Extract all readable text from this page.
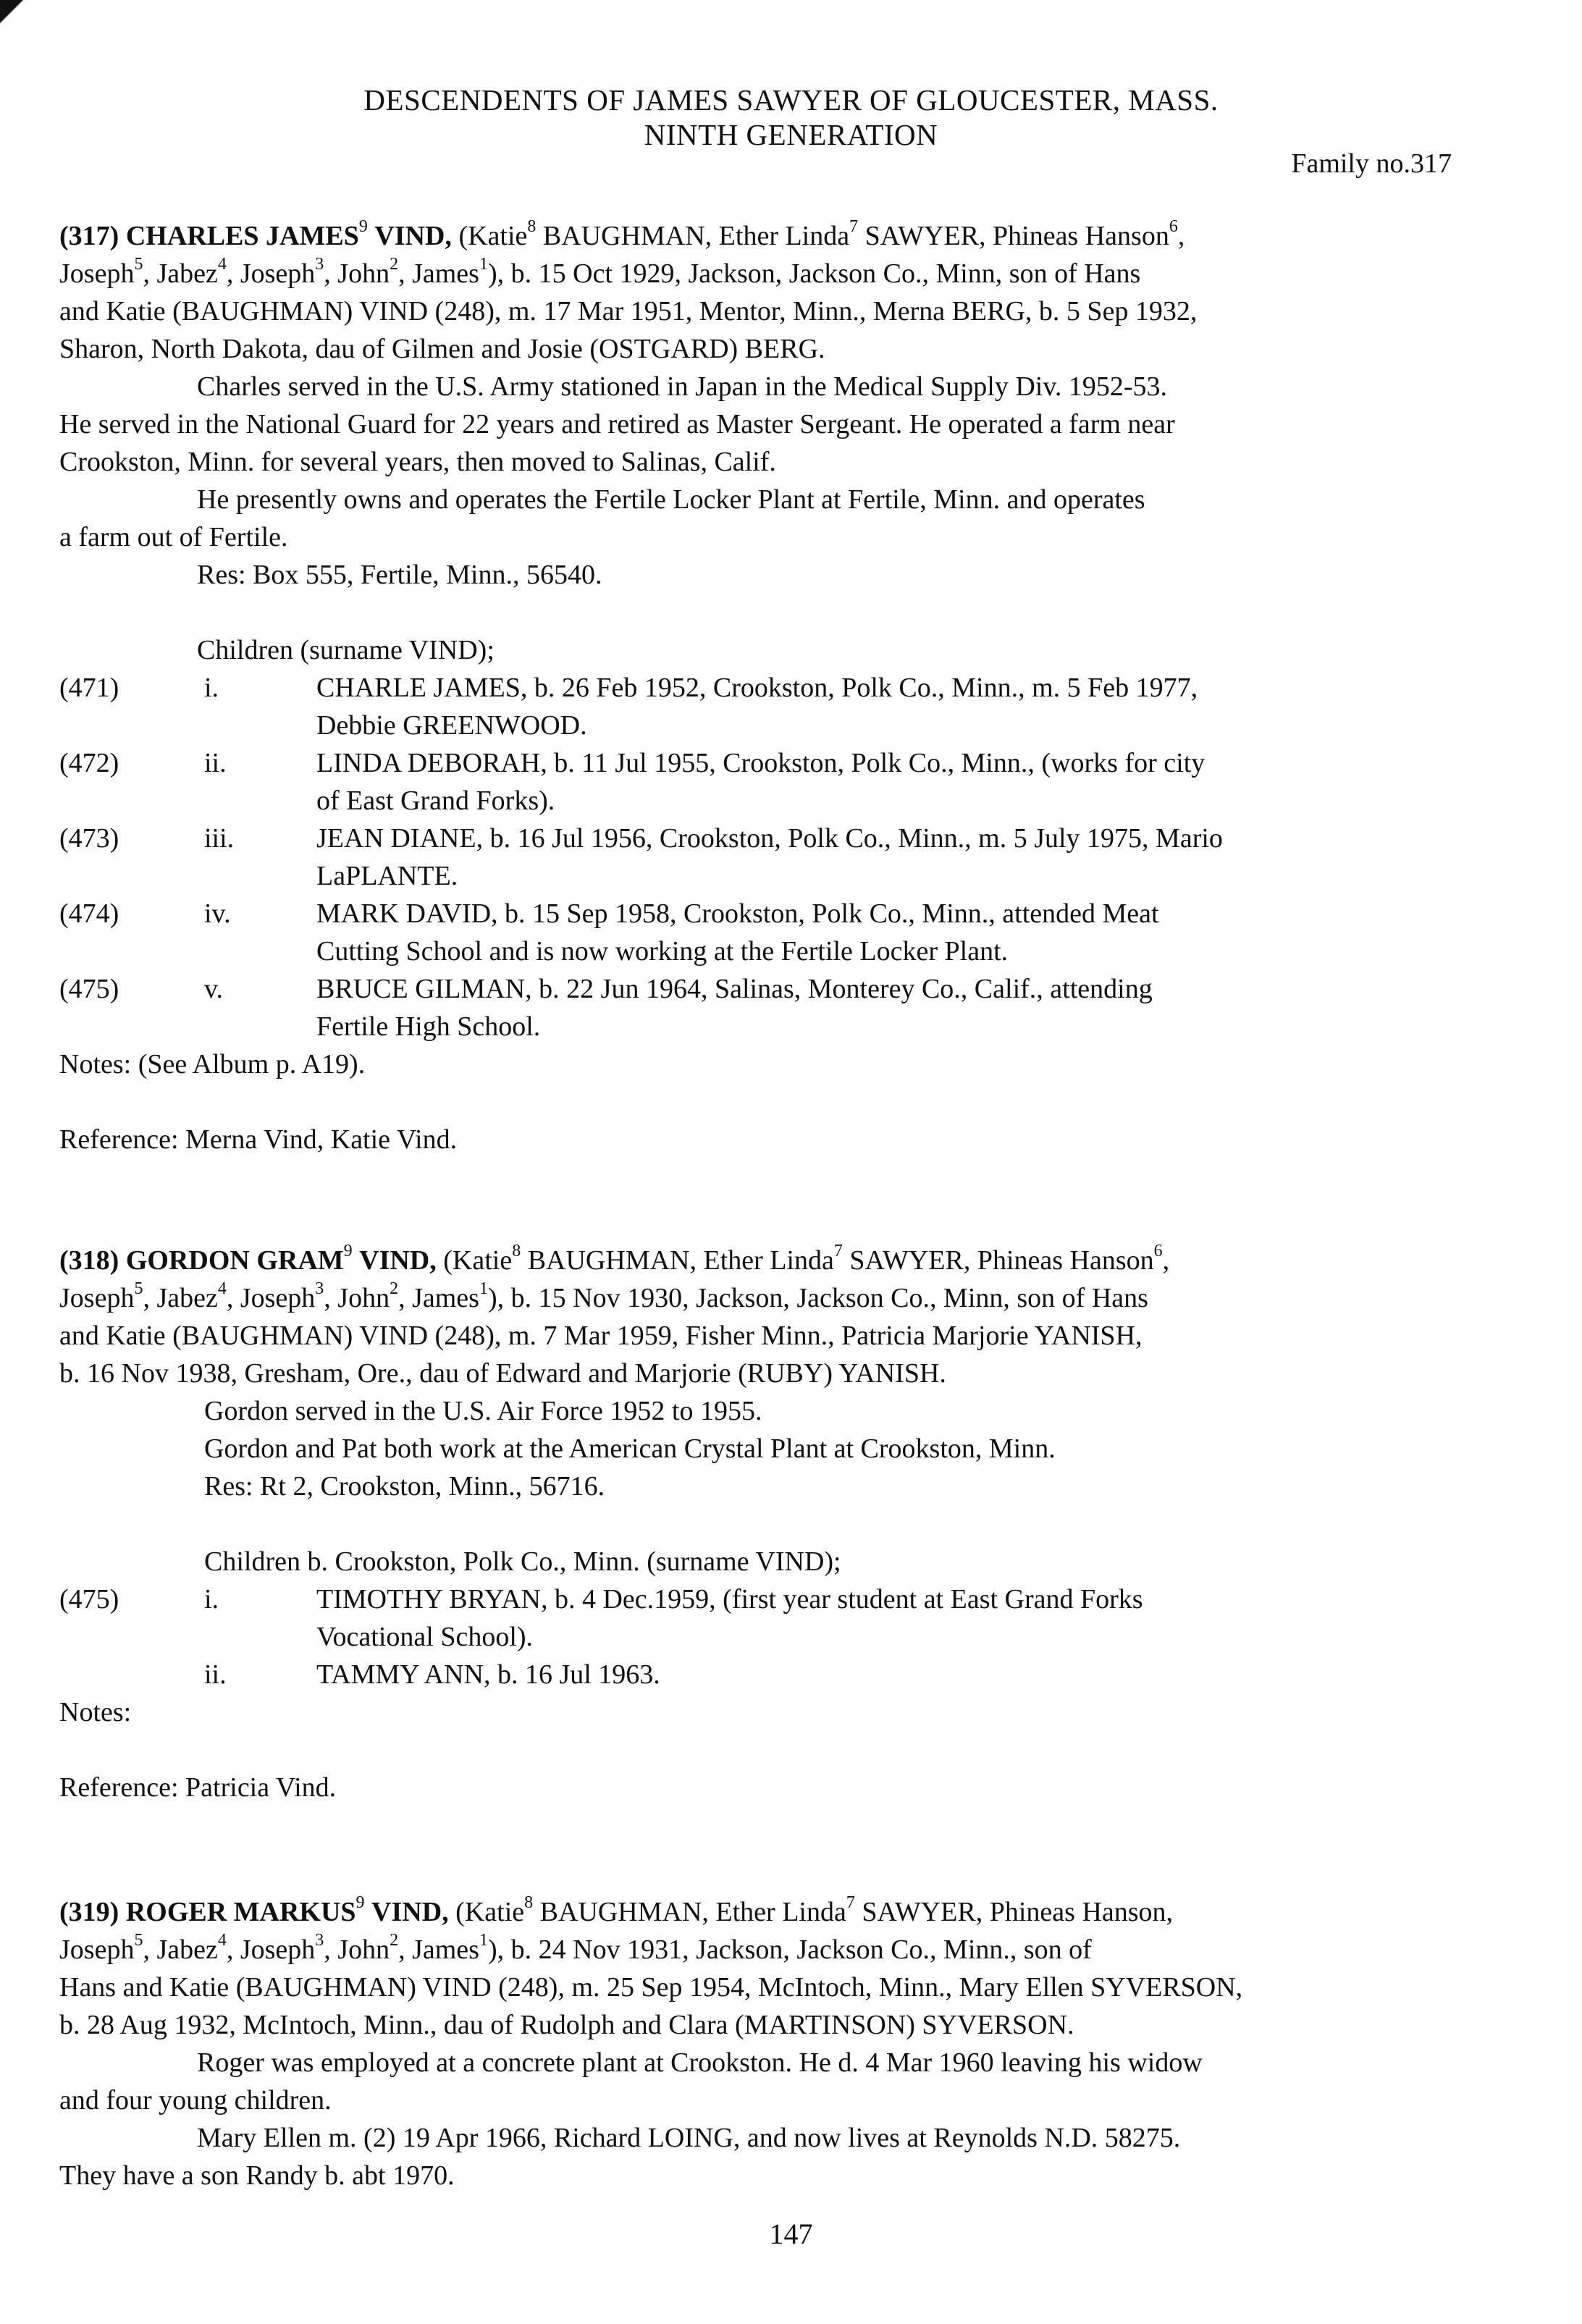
DESCENDENTS OF JAMES SAWYER OF GLOUCESTER, MASS.
NINTH GENERATION
Family no.317
(317) CHARLES JAMES$^9$ VIND, (Katie$^8$ BAUGHMAN, Ether Linda$^7$ SAWYER, Phineas Hanson$^6$,
Joseph$^5$, Jabez$^4$, Joseph$^3$, John$^2$, James$^1$), b. 15 Oct 1929, Jackson, Jackson Co., Minn, son of Hans
and Katie (BAUGHMAN) VIND (248), m. 17 Mar 1951, Mentor, Minn., Merna BERG, b. 5 Sep 1932,
Sharon, North Dakota, dau of Gilmen and Josie (OSTGARD) BERG.
Charles served in the U.S. Army stationed in Japan in the Medical Supply Div. 1952-53.
He served in the National Guard for 22 years and retired as Master Sergeant. He operated a farm near
Crookston, Minn. for several years, then moved to Salinas, Calif.
He presently owns and operates the Fertile Locker Plant at Fertile, Minn. and operates
a farm out of Fertile.
Res: Box 555, Fertile, Minn., 56540.
Children (surname VIND);
(471)	i.	CHARLE JAMES, b. 26 Feb 1952, Crookston, Polk Co., Minn., m. 5 Feb 1977,
Debbie GREENWOOD.
(472)	ii.	LINDA DEBORAH, b. 11 Jul 1955, Crookston, Polk Co., Minn., (works for city
of East Grand Forks).
(473)	iii.	JEAN DIANE, b. 16 Jul 1956, Crookston, Polk Co., Minn., m. 5 July 1975, Mario
LaPLANTE.
(474)	iv.	MARK DAVID, b. 15 Sep 1958, Crookston, Polk Co., Minn., attended Meat
Cutting School and is now working at the Fertile Locker Plant.
(475)	v.	BRUCE GILMAN, b. 22 Jun 1964, Salinas, Monterey Co., Calif., attending
Fertile High School.
Notes: (See Album p. A19).
Reference: Merna Vind, Katie Vind.
(318) GORDON GRAM$^9$ VIND, (Katie$^8$ BAUGHMAN, Ether Linda$^7$ SAWYER, Phineas Hanson$^6$,
Joseph$^5$, Jabez$^4$, Joseph$^3$, John$^2$, James$^1$), b. 15 Nov 1930, Jackson, Jackson Co., Minn, son of Hans
and Katie (BAUGHMAN) VIND (248), m. 7 Mar 1959, Fisher Minn., Patricia Marjorie YANISH,
b. 16 Nov 1938, Gresham, Ore., dau of Edward and Marjorie (RUBY) YANISH.
Gordon served in the U.S. Air Force 1952 to 1955.
Gordon and Pat both work at the American Crystal Plant at Crookston, Minn.
Res: Rt 2, Crookston, Minn., 56716.
Children b. Crookston, Polk Co., Minn. (surname VIND);
(475)	i.	TIMOTHY BRYAN, b. 4 Dec.1959, (first year student at East Grand Forks
Vocational School).
ii.	TAMMY ANN, b. 16 Jul 1963.
Notes:
Reference: Patricia Vind.
(319) ROGER MARKUS$^9$ VIND, (Katie$^8$ BAUGHMAN, Ether Linda$^7$ SAWYER, Phineas Hanson,
Joseph$^5$, Jabez$^4$, Joseph$^3$, John$^2$, James$^1$), b. 24 Nov 1931, Jackson, Jackson Co., Minn., son of
Hans and Katie (BAUGHMAN) VIND (248), m. 25 Sep 1954, McIntoch, Minn., Mary Ellen SYVERSON,
b. 28 Aug 1932, McIntoch, Minn., dau of Rudolph and Clara (MARTINSON) SYVERSON.
Roger was employed at a concrete plant at Crookston. He d. 4 Mar 1960 leaving his widow
and four young children.
Mary Ellen m. (2) 19 Apr 1966, Richard LOING, and now lives at Reynolds N.D. 58275.
They have a son Randy b. abt 1970.
147
